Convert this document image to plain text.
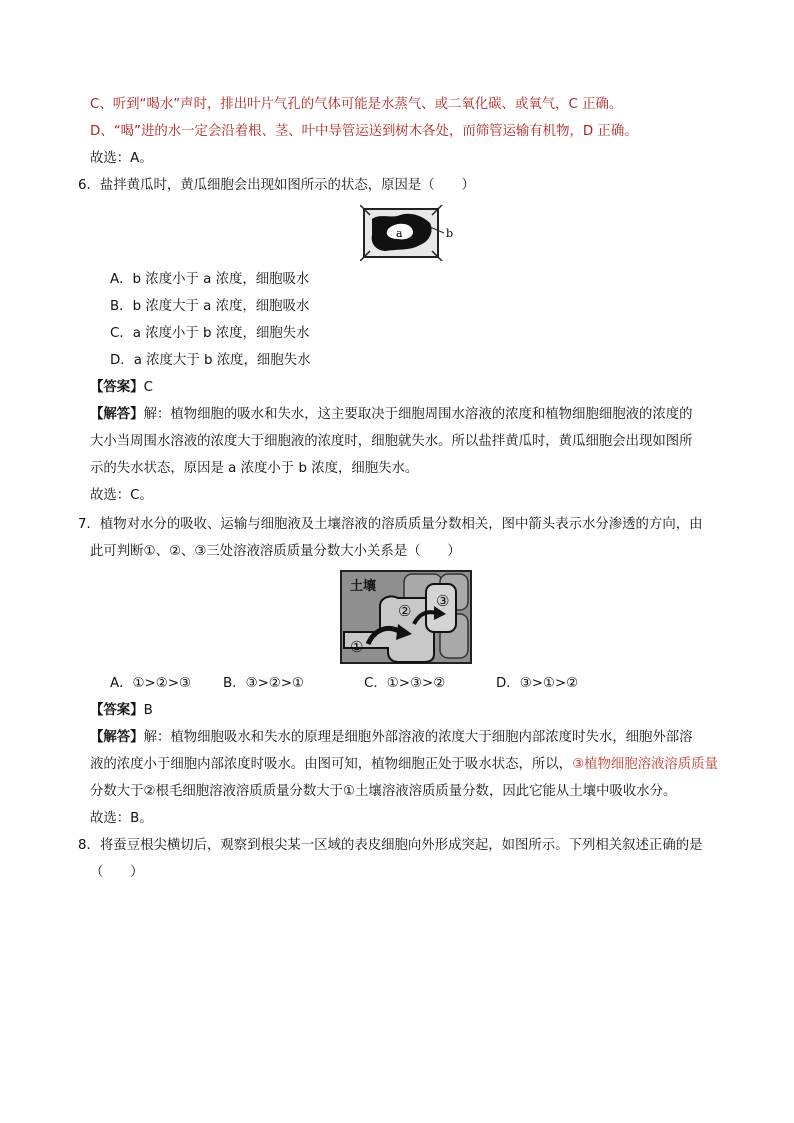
C、听到“喝水”声时，排出叶片气孔的气体可能是水蒸气、或二氧化碳、或氧气，C 正确。
D、“喝”进的水一定会沿着根、茎、叶中导管运送到树木各处，而筛管运输有机物，D 正确。
故选：A。
6．盐拌黄瓜时，黄瓜细胞会出现如图所示的状态，原因是（　　）
a	b
A．b 浓度小于 a 浓度，细胞吸水
B．b 浓度大于 a 浓度，细胞吸水
C．a 浓度小于 b 浓度，细胞失水
D．a 浓度大于 b 浓度，细胞失水
【答案】C
【解答】解：植物细胞的吸水和失水，这主要取决于细胞周围水溶液的浓度和植物细胞细胞液的浓度的
大小当周围水溶液的浓度大于细胞液的浓度时，细胞就失水。所以盐拌黄瓜时，黄瓜细胞会出现如图所
示的失水状态，原因是 a 浓度小于 b 浓度，细胞失水。
故选：C。
7．植物对水分的吸收、运输与细胞液及土壤溶液的溶质质量分数相关，图中箭头表示水分渗透的方向，由
此可判断①、②、③三处溶液溶质质量分数大小关系是（　　）
土壤
①
②
③
A．①>②>③ B．③>②>①	C．①>③>②	D．③>①>②
【答案】B
【解答】解：植物细胞吸水和失水的原理是细胞外部溶液的浓度大于细胞内部浓度时失水，细胞外部溶
液的浓度小于细胞内部浓度时吸水。由图可知，植物细胞正处于吸水状态，所以，③植物细胞溶液溶质质量
分数大于②根毛细胞溶液溶质质量分数大于①土壤溶液溶质质量分数，因此它能从土壤中吸收水分。
故选：B。
8．将蚕豆根尖横切后，观察到根尖某一区域的表皮细胞向外形成突起，如图所示。下列相关叙述正确的是
（　　）
